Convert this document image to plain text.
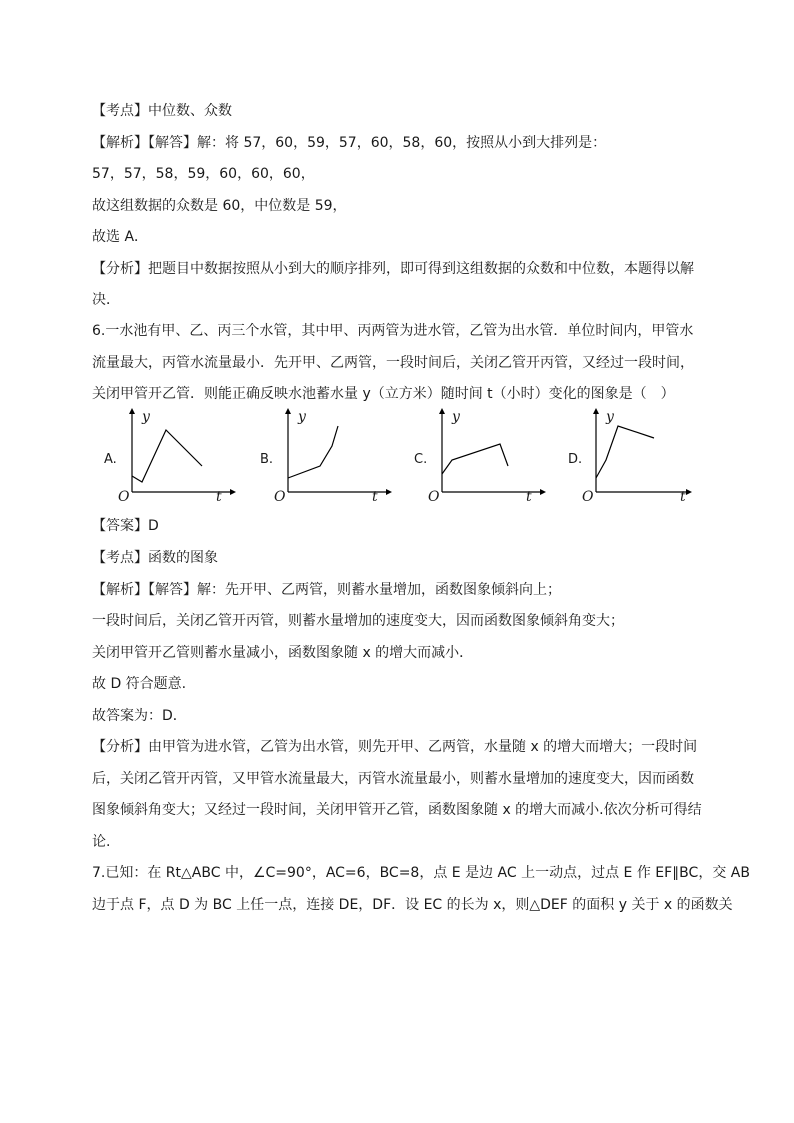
【考点】中位数、众数
【解析】【解答】解：将 57，60，59，57，60，58，60，按照从小到大排列是：
57，57，58，59，60，60，60，
故这组数据的众数是 60，中位数是 59，
故选 A．
【分析】把题目中数据按照从小到大的顺序排列，即可得到这组数据的众数和中位数，本题得以解
决．
6.一水池有甲、乙、丙三个水管，其中甲、丙两管为进水管，乙管为出水管．单位时间内，甲管水
流量最大，丙管水流量最小．先开甲、乙两管，一段时间后，关闭乙管开丙管，又经过一段时间，
关闭甲管开乙管．则能正确反映水池蓄水量 y（立方米）随时间 t（小时）变化的图象是（　）
A.
y
t
O
B.
y
t
O
C.
y
t
O
D.
y
t
O
【答案】D
【考点】函数的图象
【解析】【解答】解：先开甲、乙两管，则蓄水量增加，函数图象倾斜向上；
一段时间后，关闭乙管开丙管，则蓄水量增加的速度变大，因而函数图象倾斜角变大；
关闭甲管开乙管则蓄水量减小，函数图象随 x 的增大而减小．
故 D 符合题意.
故答案为：D．
【分析】由甲管为进水管，乙管为出水管，则先开甲、乙两管，水量随 x 的增大而增大；一段时间
后，关闭乙管开丙管，又甲管水流量最大，丙管水流量最小，则蓄水量增加的速度变大，因而函数
图象倾斜角变大；又经过一段时间，关闭甲管开乙管，函数图象随 x 的增大而减小.依次分析可得结
论.
7.已知：在 Rt△ABC 中，∠C=90°，AC=6，BC=8，点 E 是边 AC 上一动点，过点 E 作 EF∥BC，交 AB
边于点 F，点 D 为 BC 上任一点，连接 DE，DF．设 EC 的长为 x，则△DEF 的面积 y 关于 x 的函数关
